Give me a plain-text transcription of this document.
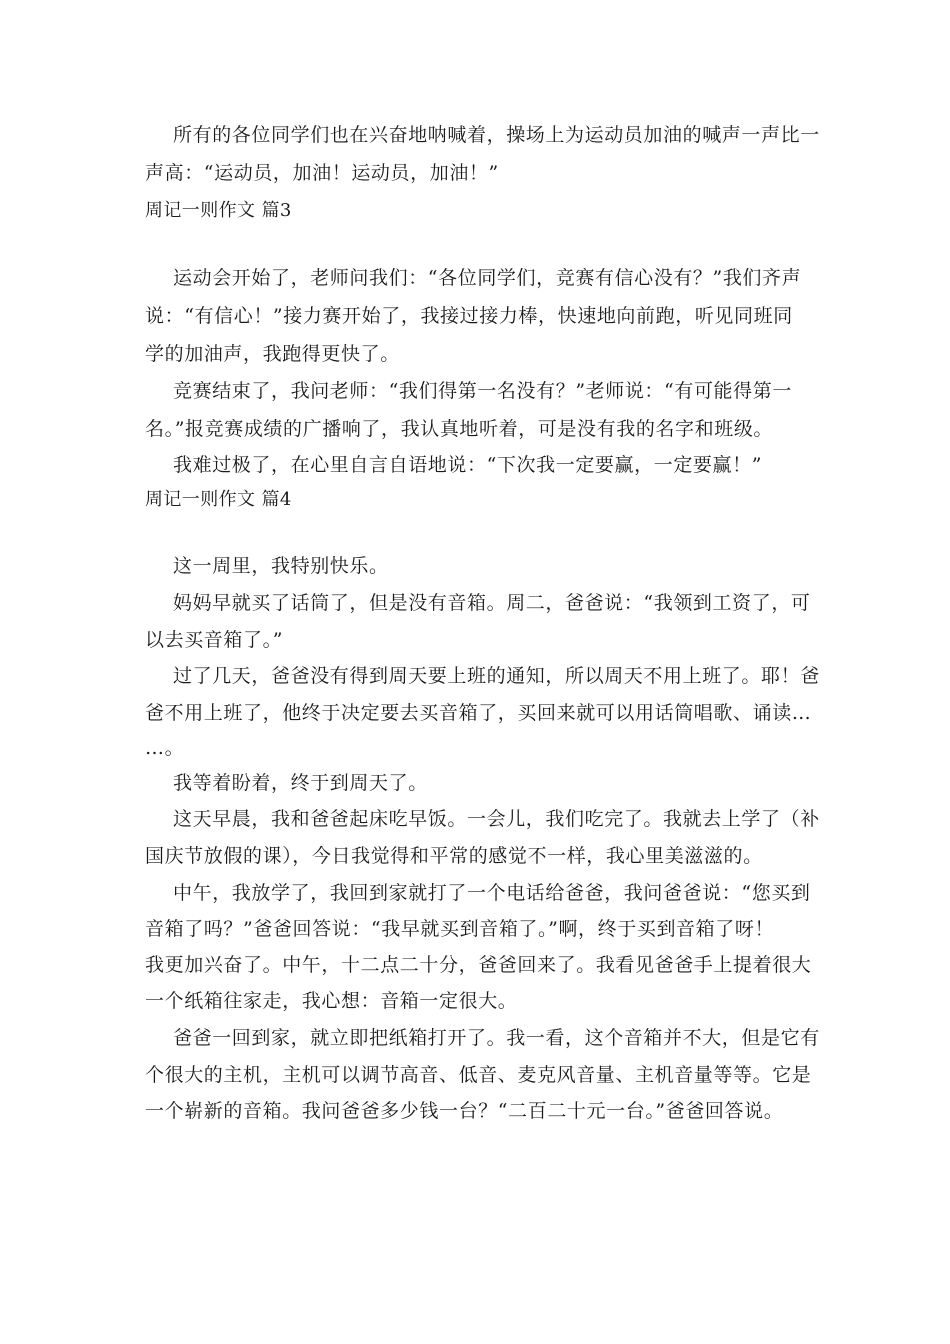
所有的各位同学们也在兴奋地呐喊着，操场上为运动员加油的喊声一声比一
声高：“运动员，加油！运动员，加油！”
周记一则作文 篇3
运动会开始了，老师问我们：“各位同学们，竞赛有信心没有？”我们齐声
说：“有信心！”接力赛开始了，我接过接力棒，快速地向前跑，听见同班同
学的加油声，我跑得更快了。
竞赛结束了，我问老师：“我们得第一名没有？”老师说：“有可能得第一
名。”报竞赛成绩的广播响了，我认真地听着，可是没有我的名字和班级。
我难过极了，在心里自言自语地说：“下次我一定要赢，一定要赢！”
周记一则作文 篇4
这一周里，我特别快乐。
妈妈早就买了话筒了，但是没有音箱。周二，爸爸说：“我领到工资了，可
以去买音箱了。”
过了几天，爸爸没有得到周天要上班的通知，所以周天不用上班了。耶！爸
爸不用上班了，他终于决定要去买音箱了，买回来就可以用话筒唱歌、诵读…
…。
我等着盼着，终于到周天了。
这天早晨，我和爸爸起床吃早饭。一会儿，我们吃完了。我就去上学了（补
国庆节放假的课），今日我觉得和平常的感觉不一样，我心里美滋滋的。
中午，我放学了，我回到家就打了一个电话给爸爸，我问爸爸说：“您买到
音箱了吗？”爸爸回答说：“我早就买到音箱了。”啊，终于买到音箱了呀！
我更加兴奋了。中午，十二点二十分，爸爸回来了。我看见爸爸手上提着很大
一个纸箱往家走，我心想：音箱一定很大。
爸爸一回到家，就立即把纸箱打开了。我一看，这个音箱并不大，但是它有
个很大的主机，主机可以调节高音、低音、麦克风音量、主机音量等等。它是
一个崭新的音箱。我问爸爸多少钱一台？“二百二十元一台。”爸爸回答说。
